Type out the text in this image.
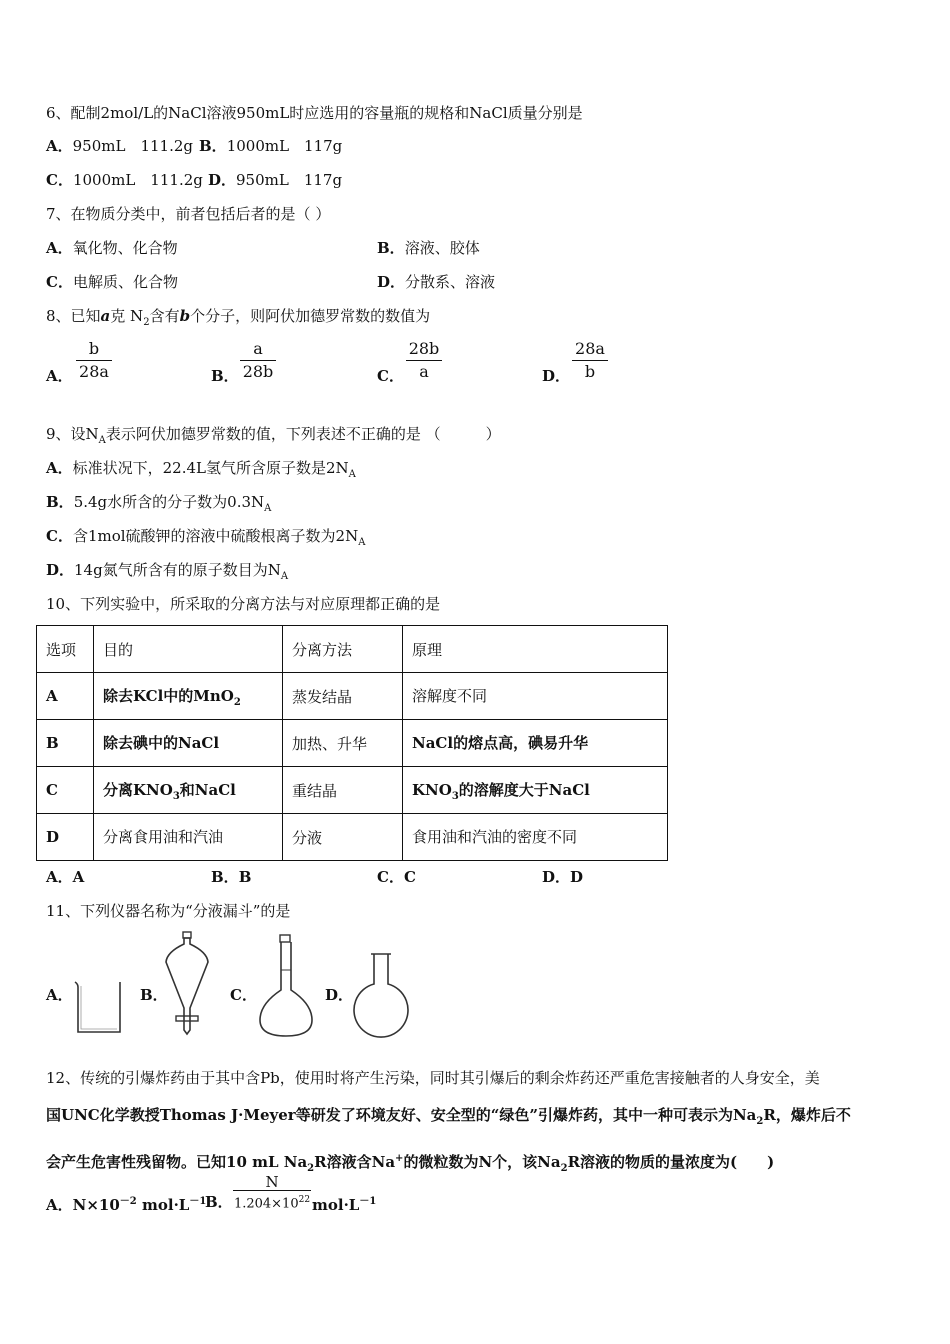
6、配制2mol/L的NaCl溶液950mL时应选用的容量瓶的规格和NaCl质量分别是
A．950mL　111.2g B．1000mL　117g
C．1000mL　111.2g D．950mL　117g
7、在物质分类中，前者包括后者的是（ ）
A．氧化物、化合物	B．溶液、胶体
C．电解质、化合物	D．分散系、溶液
8、已知a克 $N_2$含有b个分子，则阿伏加德罗常数的数值为
A． $\frac{b}{28a}$	B． $\frac{a}{28b}$	C． $\frac{28b}{a}$	D． $\frac{28a}{b}$
9、设$N_A$表示阿伏加德罗常数的值，下列表述不正确的是 （　　　）
A．标准状况下，22.4L氢气所含原子数是$2N_A$
B．5.4g水所含的分子数为$0.3N_A$
C．含1mol硫酸钾的溶液中硫酸根离子数为$2N_A$
D．14g氮气所含有的原子数目为$N_A$
10、下列实验中，所采取的分离方法与对应原理都正确的是
选项	目的	分离方法	原理
A	除去KCl中的MnO$_2$	蒸发结晶	溶解度不同
B	除去碘中的NaCl	加热、升华	NaCl的熔点高，碘易升华
C	分离$KNO_3$和NaCl	重结晶	$KNO_3$的溶解度大于NaCl
D	分离食用油和汽油	分液	食用油和汽油的密度不同
A．A	B．B	C．C	D．D
11、下列仪器名称为“分液漏斗”的是
A．	B．	C．	D．
12、传统的引爆炸药由于其中含Pb，使用时将产生污染，同时其引爆后的剩余炸药还严重危害接触者的人身安全，美
国UNC化学教授Thomas J·Meyer等研发了环境友好、安全型的“绿色”引爆炸药，其中一种可表示为$Na_2R$，爆炸后不
会产生危害性残留物。已知10 mL $Na_2R$溶液含Na+的微粒数为N个，该$Na_2R$溶液的物质的量浓度为(　　)
A．$N\times 10^{-2}$ $mol\cdot L^{-1}$
B． $\frac{N}{1.204\times 10^{22}} mol\cdot L^{-1}$
